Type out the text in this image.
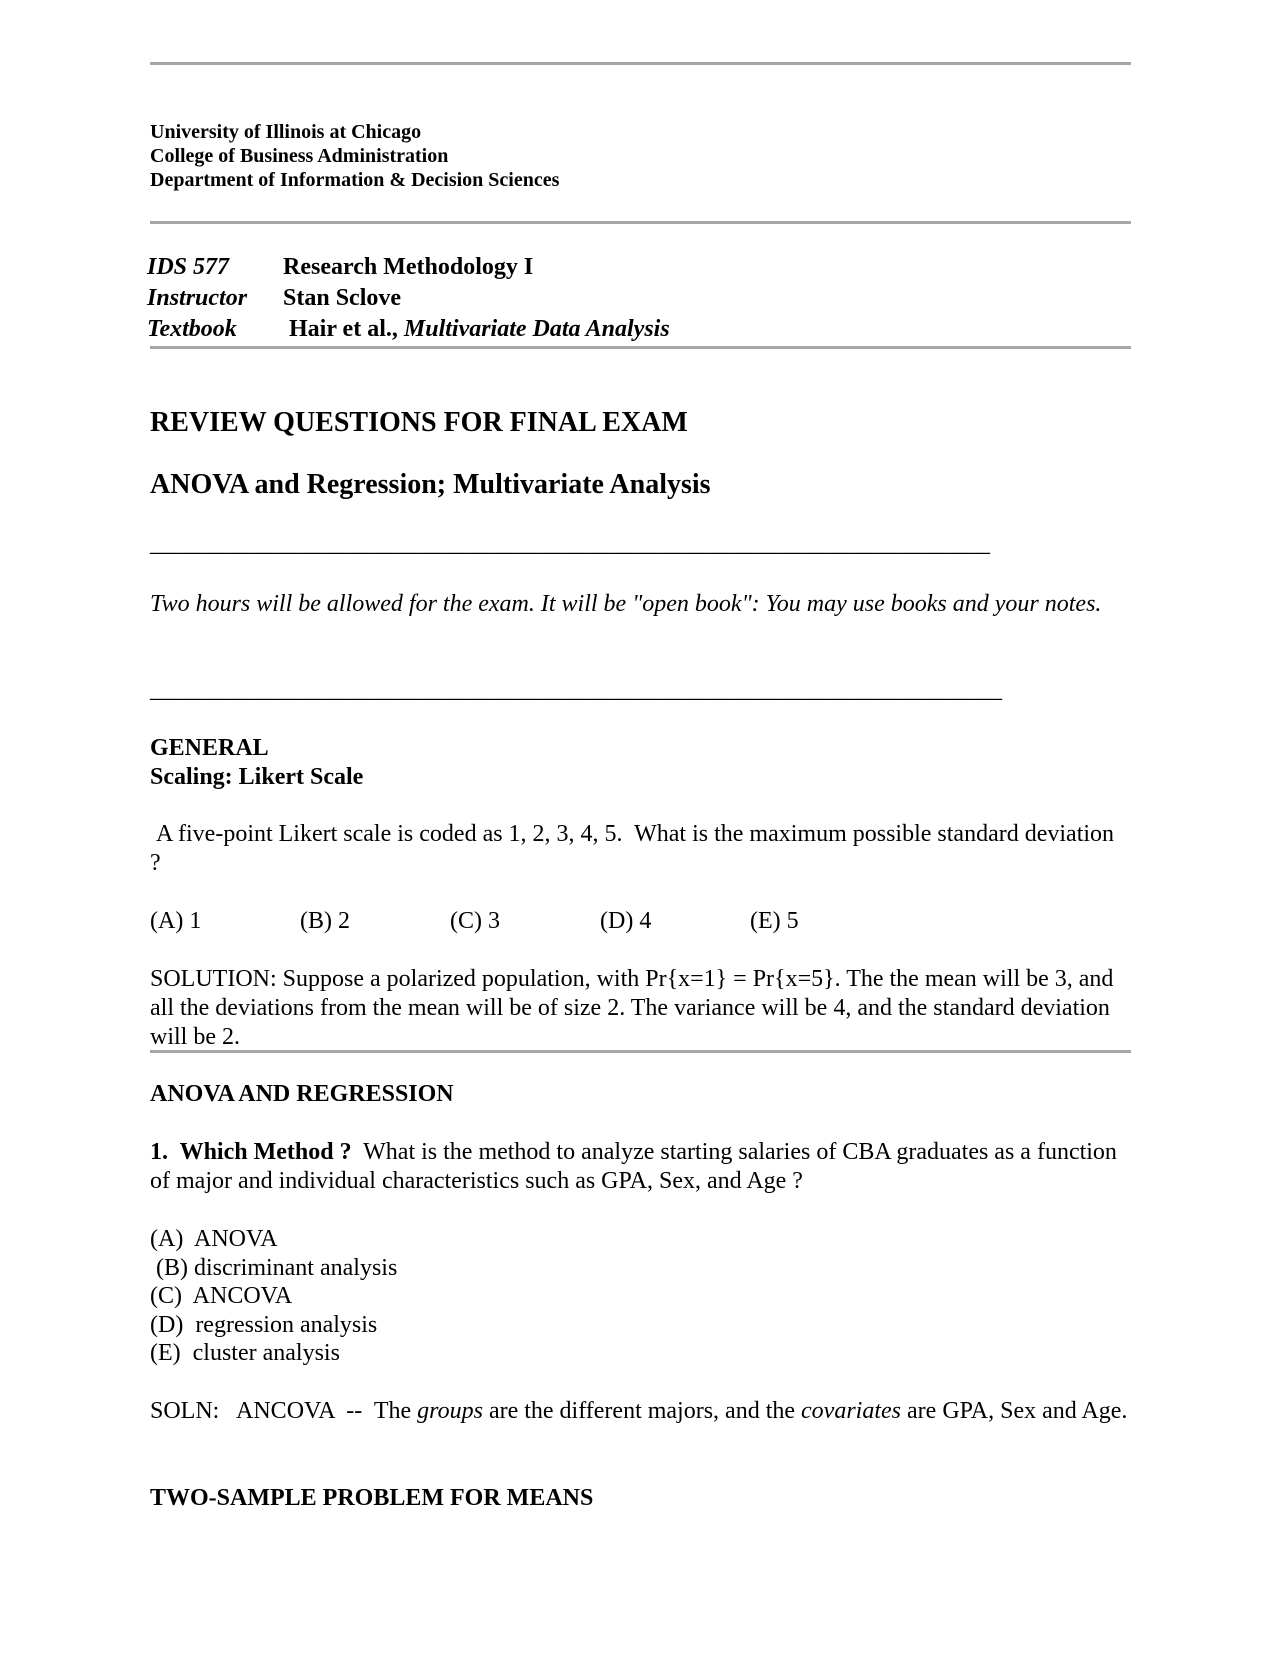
University of Illinois at Chicago
College of Business Administration
Department of Information & Decision Sciences
IDS 577 Research Methodology I
Instructor Stan Sclove
Textbook Hair et al., Multivariate Data Analysis
REVIEW QUESTIONS FOR FINAL EXAM
ANOVA and Regression; Multivariate Analysis
______________________________________________________________________
Two hours will be allowed for the exam. It will be "open book": You may use books and your notes.
_______________________________________________________________________
GENERAL
Scaling: Likert Scale
A five-point Likert scale is coded as 1, 2, 3, 4, 5.  What is the maximum possible standard deviation ?
(A) 1	(B) 2	(C) 3	(D) 4	(E) 5
SOLUTION: Suppose a polarized population, with Pr{x=1} = Pr{x=5}. The the mean will be 3, and all the deviations from the mean will be of size 2. The variance will be 4, and the standard deviation will be 2.
ANOVA AND REGRESSION
1.  Which Method ?  What is the method to analyze starting salaries of CBA graduates as a function of major and individual characteristics such as GPA, Sex, and Age ?
(A)  ANOVA
(B) discriminant analysis
(C)  ANCOVA
(D)  regression analysis
(E)  cluster analysis
SOLN:   ANCOVA  --  The groups are the different majors, and the covariates are GPA, Sex and Age.
TWO-SAMPLE PROBLEM FOR MEANS
